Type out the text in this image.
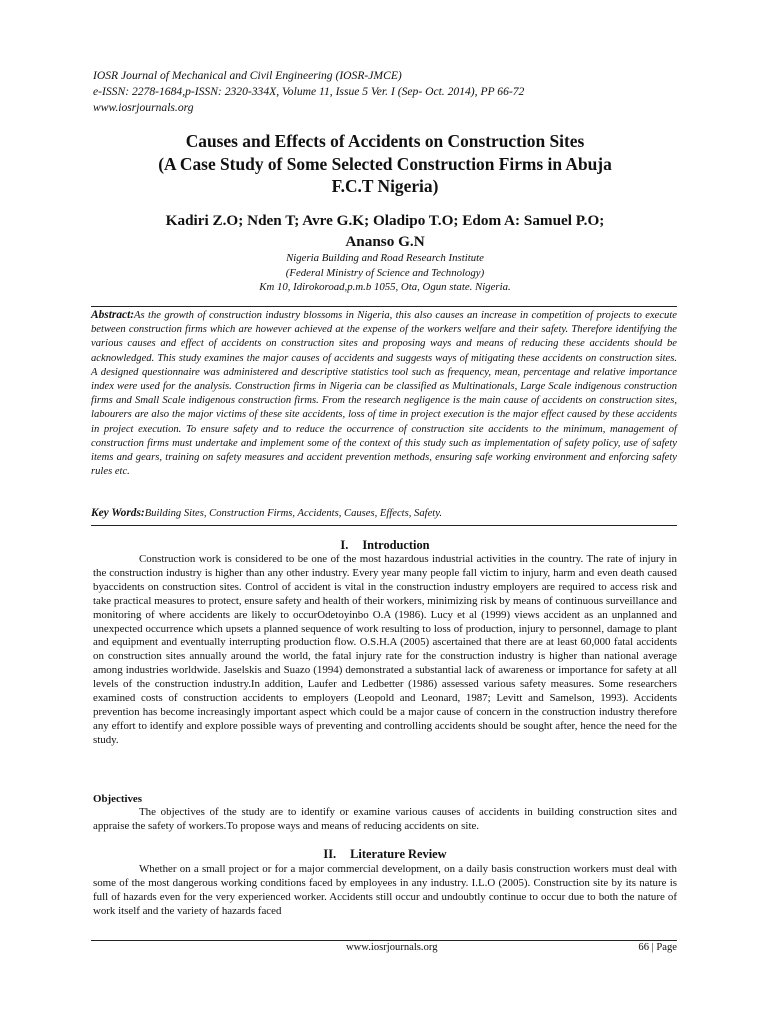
IOSR Journal of Mechanical and Civil Engineering (IOSR-JMCE)
e-ISSN: 2278-1684,p-ISSN: 2320-334X, Volume 11, Issue 5 Ver. I (Sep- Oct. 2014), PP 66-72
www.iosrjournals.org
Causes and Effects of Accidents on Construction Sites
(A Case Study of Some Selected Construction Firms in Abuja
F.C.T Nigeria)
Kadiri Z.O; Nden T; Avre G.K; Oladipo T.O; Edom A: Samuel P.O;
Ananso G.N
Nigeria Building and Road Research Institute
(Federal Ministry of Science and Technology)
Km 10, Idirokoroad,p.m.b 1055, Ota, Ogun state. Nigeria.
Abstract:As the growth of construction industry blossoms in Nigeria, this also causes an increase in competition of projects to execute between construction firms which are however achieved at the expense of the workers welfare and their safety. Therefore identifying the various causes and effect of accidents on construction sites and proposing ways and means of reducing these accidents should be acknowledged. This study examines the major causes of accidents and suggests ways of mitigating these accidents on construction sites. A designed questionnaire was administered and descriptive statistics tool such as frequency, mean, percentage and relative importance index were used for the analysis. Construction firms in Nigeria can be classified as Multinationals, Large Scale indigenous construction firms and Small Scale indigenous construction firms. From the research negligence is the main cause of accidents on construction sites, labourers are also the major victims of these site accidents, loss of time in project execution is the major effect caused by these accidents in project execution. To ensure safety and to reduce the occurrence of construction site accidents to the minimum, management of construction firms must undertake and implement some of the context of this study such as implementation of safety policy, use of safety items and gears, training on safety measures and accident prevention methods, ensuring safe working environment and enforcing safety rules etc.
Key Words:Building Sites, Construction Firms, Accidents, Causes, Effects, Safety.
I. Introduction
Construction work is considered to be one of the most hazardous industrial activities in the country. The rate of injury in the construction industry is higher than any other industry. Every year many people fall victim to injury, harm and even death caused byaccidents on construction sites. Control of accident is vital in the construction industry employers are required to access risk and take practical measures to protect, ensure safety and health of their workers, minimizing risk by means of continuous surveillance and monitoring of where accidents are likely to occurOdetoyinbo O.A (1986). Lucy et al (1999) views accident as an unplanned and unexpected occurrence which upsets a planned sequence of work resulting to loss of production, injury to personnel, damage to plant and equipment and eventually interrupting production flow. O.S.H.A (2005) ascertained that there are at least 60,000 fatal accidents on construction sites annually around the world, the fatal injury rate for the construction industry is higher than national average among industries worldwide. Jaselskis and Suazo (1994) demonstrated a substantial lack of awareness or importance for safety at all levels of the construction industry.In addition, Laufer and Ledbetter (1986) assessed various safety measures. Some researchers examined costs of construction accidents to employers (Leopold and Leonard, 1987; Levitt and Samelson, 1993). Accidents prevention has become increasingly important aspect which could be a major cause of concern in the construction industry therefore any effort to identify and explore possible ways of preventing and controlling accidents should be sought after, hence the need for the study.
Objectives
The objectives of the study are to identify or examine various causes of accidents in building construction sites and appraise the safety of workers.To propose ways and means of reducing accidents on site.
II. Literature Review
Whether on a small project or for a major commercial development, on a daily basis construction workers must deal with some of the most dangerous working conditions faced by employees in any industry. I.L.O (2005). Construction site by its nature is full of hazards even for the very experienced worker. Accidents still occur and undoubtly continue to occur due to both the nature of work itself and the variety of hazards faced
www.iosrjournals.org	66 | Page
